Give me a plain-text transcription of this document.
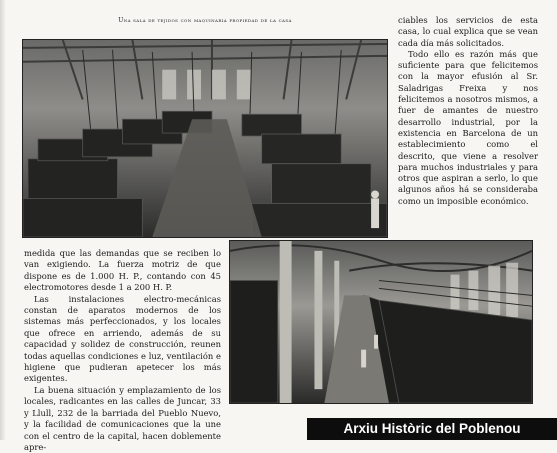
Una sala de tejidos con maquinaria propiedad de la casa	ciables los servicios de esta casa, lo cual explica que se vean cada día más solicitados.

Todo ello es razón más que suficiente para que felicitemos con la mayor efusión al Sr. Saladrigas Freixa y nos felicitemos a nosotros mismos, a fuer de amantes de nuestro desarrollo industrial, por la existencia en Barcelona de un establecimiento como el descrito, que viene a resolver para muchos industriales y para otros que aspiran a serlo, lo que algunos años há se consideraba como un imposible económico.

medida que las demandas que se reciben lo van exigiendo. La fuerza motriz de que dispone es de 1.000 H. P., contando con 45 electromotores desde 1 a 200 H. P.

Las instalaciones electro-mecánicas constan de aparatos modernos de los sistemas más perfeccionados, y los locales que ofrece en arriendo, además de su capacidad y solidez de construcción, reunen todas aquellas condiciones e luz, ventilación e higiene que pudieran apetecer los más exigentes.

La buena situación y emplazamiento de los locales, radicantes en las calles de Juncar, 33 y Llull, 232 de la barriada del Pueblo Nuevo, y la facilidad de comunicaciones que la une con el centro de la capital, hacen doblemente apre-

Arxiu Històric del Poblenou
